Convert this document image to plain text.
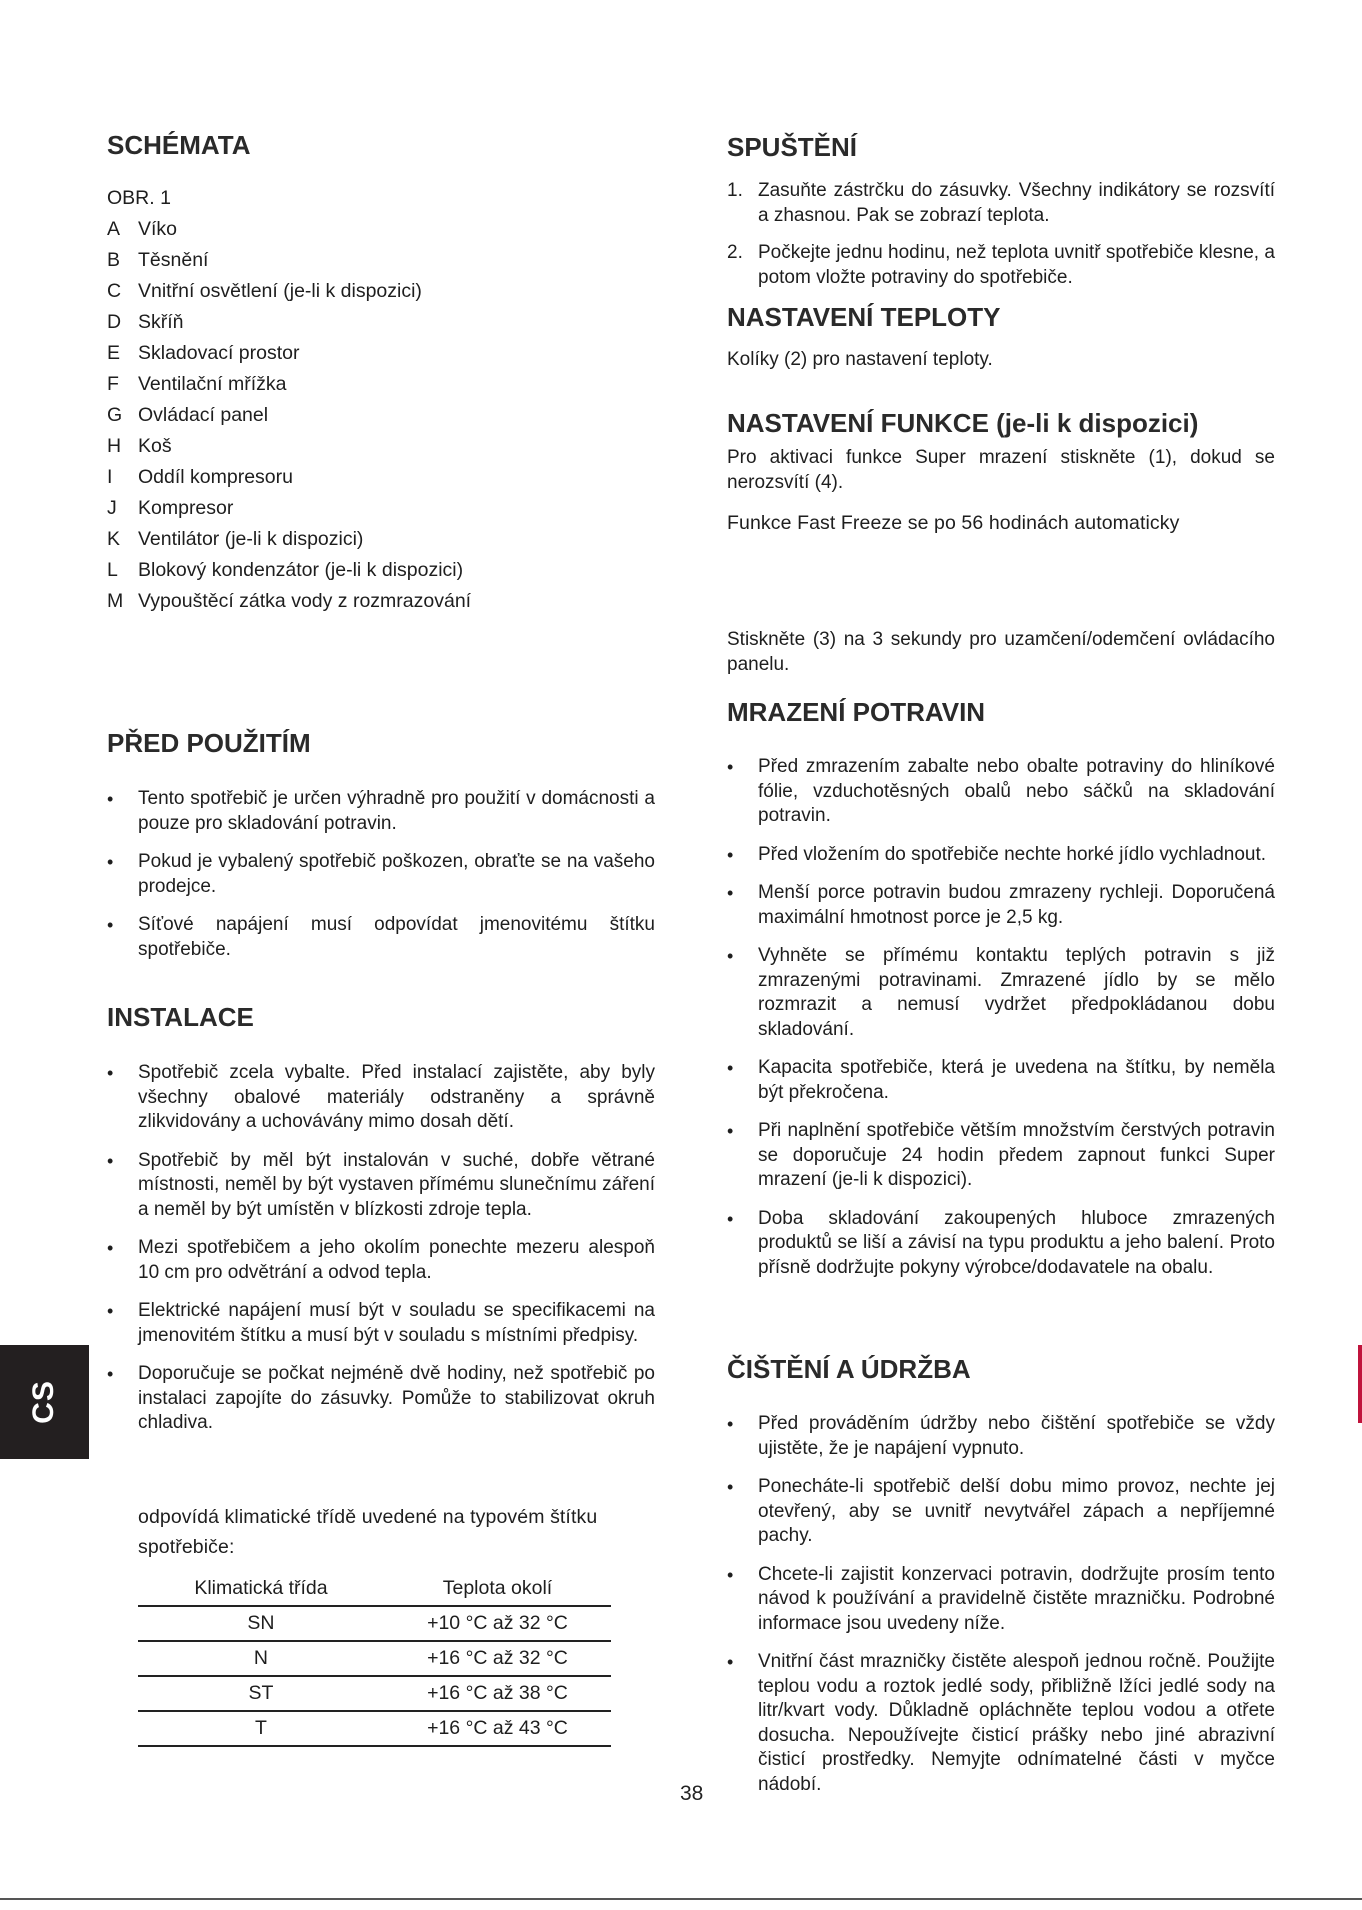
SCHÉMATA
OBR. 1
A Víko
B Těsnění
C Vnitřní osvětlení (je-li k dispozici)
D Skříň
E Skladovací prostor
F Ventilační mřížka
G Ovládací panel
H Koš
I Oddíl kompresoru
J Kompresor
K Ventilátor (je-li k dispozici)
L Blokový kondenzátor (je-li k dispozici)
M Vypouštěcí zátka vody z rozmrazování
PŘED POUŽITÍM
• Tento spotřebič je určen výhradně pro použití v domácnosti a pouze pro skladování potravin.
• Pokud je vybalený spotřebič poškozen, obraťte se na vašeho prodejce.
• Síťové napájení musí odpovídat jmenovitému štítku spotřebiče.
INSTALACE
• Spotřebič zcela vybalte. Před instalací zajistěte, aby byly všechny obalové materiály odstraněny a správně zlikvidovány a uchovávány mimo dosah dětí.
• Spotřebič by měl být instalován v suché, dobře větrané místnosti, neměl by být vystaven přímému slunečnímu záření a neměl by být umístěn v blízkosti zdroje tepla.
• Mezi spotřebičem a jeho okolím ponechte mezeru alespoň 10 cm pro odvětrání a odvod tepla.
• Elektrické napájení musí být v souladu se specifikacemi na jmenovitém štítku a musí být v souladu s místními předpisy.
• Doporučuje se počkat nejméně dvě hodiny, než spotřebič po instalaci zapojíte do zásuvky. Pomůže to stabilizovat okruh chladiva.
odpovídá klimatické třídě uvedené na typovém štítku spotřebiče:
Klimatická třída	Teplota okolí
SN	+10 °C až 32 °C
N	+16 °C až 32 °C
ST	+16 °C až 38 °C
T	+16 °C až 43 °C
SPUŠTĚNÍ
1. Zasuňte zástrčku do zásuvky. Všechny indikátory se rozsvítí a zhasnou. Pak se zobrazí teplota.
2. Počkejte jednu hodinu, než teplota uvnitř spotřebiče klesne, a potom vložte potraviny do spotřebiče.
NASTAVENÍ TEPLOTY

Kolíky (2) pro nastavení teploty.

NASTAVENÍ FUNKCE (je-li k dispozici)

Pro aktivaci funkce Super mrazení stiskněte (1), dokud se nerozsvítí (4).

Funkce Fast Freeze se po 56 hodinách automaticky

Stiskněte (3) na 3 sekundy pro uzamčení/odemčení ovládacího panelu.

MRAZENÍ POTRAVIN
• Před zmrazením zabalte nebo obalte potraviny do hliníkové fólie, vzduchotěsných obalů nebo sáčků na skladování potravin.
• Před vložením do spotřebiče nechte horké jídlo vychladnout.
• Menší porce potravin budou zmrazeny rychleji. Doporučená maximální hmotnost porce je 2,5 kg.
• Vyhněte se přímému kontaktu teplých potravin s již zmrazenými potravinami. Zmrazené jídlo by se mělo rozmrazit a nemusí vydržet předpokládanou dobu skladování.
• Kapacita spotřebiče, která je uvedena na štítku, by neměla být překročena.
• Při naplnění spotřebiče větším množstvím čerstvých potravin se doporučuje 24 hodin předem zapnout funkci Super mrazení (je-li k dispozici).
• Doba skladování zakoupených hluboce zmrazených produktů se liší a závisí na typu produktu a jeho balení. Proto přísně dodržujte pokyny výrobce/dodavatele na obalu.
ČIŠTĚNÍ A ÚDRŽBA
• Před prováděním údržby nebo čištění spotřebiče se vždy ujistěte, že je napájení vypnuto.
• Ponecháte-li spotřebič delší dobu mimo provoz, nechte jej otevřený, aby se uvnitř nevytvářel zápach a nepříjemné pachy.
• Chcete-li zajistit konzervaci potravin, dodržujte prosím tento návod k používání a pravidelně čistěte mrazničku. Podrobné informace jsou uvedeny níže.
• Vnitřní část mrazničky čistěte alespoň jednou ročně. Použijte teplou vodu a roztok jedlé sody, přibližně lžíci jedlé sody na litr/kvart vody. Důkladně opláchněte teplou vodou a otřete dosucha. Nepoužívejte čisticí prášky nebo jiné abrazivní čisticí prostředky. Nemyjte odnímatelné části v myčce nádobí.
CS
38
